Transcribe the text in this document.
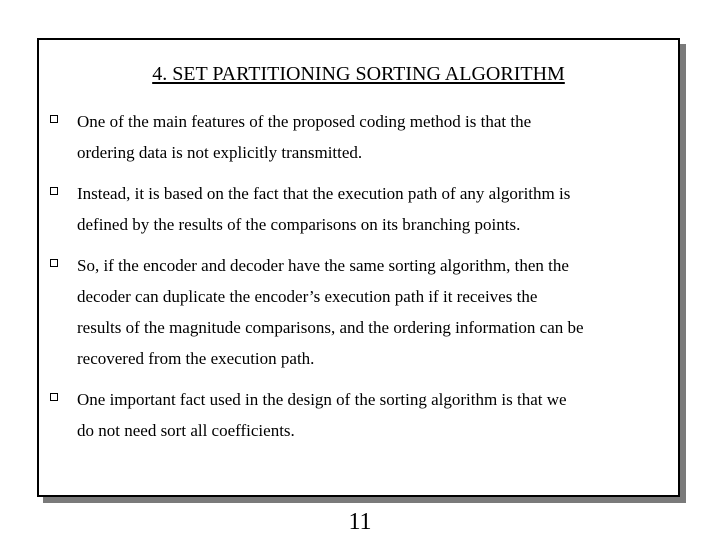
4. SET PARTITIONING SORTING ALGORITHM
One of the main features of the proposed coding method is that the
ordering data is not explicitly transmitted.
Instead, it is based on the fact that the execution path of any algorithm is
defined by the results of the comparisons on its branching points.
So, if the encoder and decoder have the same sorting algorithm, then the
decoder can duplicate the encoder’s execution path if it receives the
results of the magnitude comparisons, and the ordering information can be
recovered from the execution path.
One important fact used in the design of the sorting algorithm is that we
do not need sort all coefficients.
11
